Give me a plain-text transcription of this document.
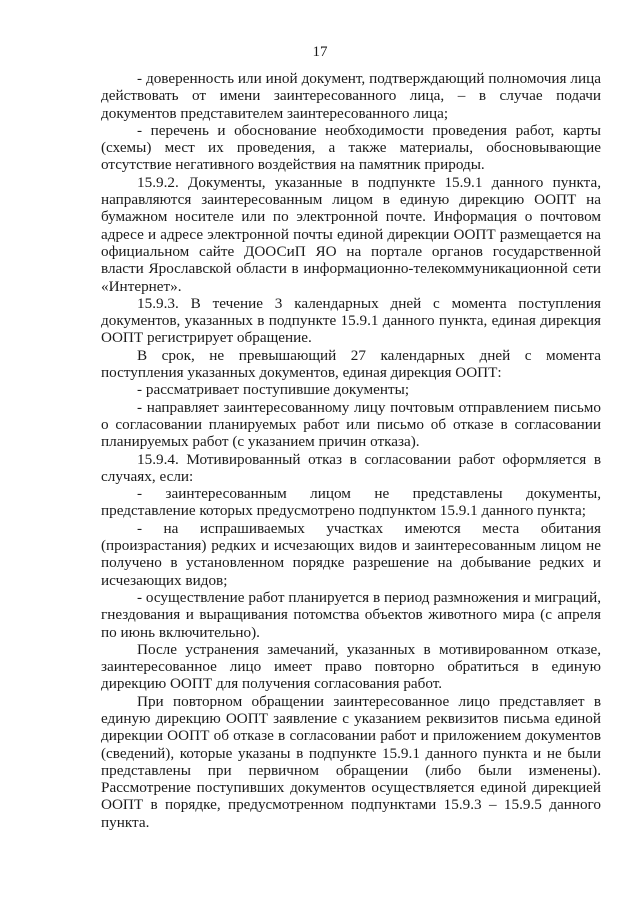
17

- доверенность или иной документ, подтверждающий полномочия лица действовать от имени заинтересованного лица, – в случае подачи документов представителем заинтересованного лица;

- перечень и обоснование необходимости проведения работ, карты (схемы) мест их проведения, а также материалы, обосновывающие отсутствие негативного воздействия на памятник природы.

15.9.2. Документы, указанные в подпункте 15.9.1 данного пункта, направляются заинтересованным лицом в единую дирекцию ООПТ на бумажном носителе или по электронной почте. Информация о почтовом адресе и адресе электронной почты единой дирекции ООПТ размещается на официальном сайте ДООСиП ЯО на портале органов государственной власти Ярославской области в информационно-телекоммуникационной сети «Интернет».

15.9.3. В течение 3 календарных дней с момента поступления документов, указанных в подпункте 15.9.1 данного пункта, единая дирекция ООПТ регистрирует обращение.

В срок, не превышающий 27 календарных дней с момента поступления указанных документов, единая дирекция ООПТ:

- рассматривает поступившие документы;

- направляет заинтересованному лицу почтовым отправлением письмо о согласовании планируемых работ или письмо об отказе в согласовании планируемых работ (с указанием причин отказа).

15.9.4. Мотивированный отказ в согласовании работ оформляется в случаях, если:

- заинтересованным лицом не представлены документы, представление которых предусмотрено подпунктом 15.9.1 данного пункта;

- на испрашиваемых участках имеются места обитания (произрастания) редких и исчезающих видов и заинтересованным лицом не получено в установленном порядке разрешение на добывание редких и исчезающих видов;

- осуществление работ планируется в период размножения и миграций, гнездования и выращивания потомства объектов животного мира (с апреля по июнь включительно).

После устранения замечаний, указанных в мотивированном отказе, заинтересованное лицо имеет право повторно обратиться в единую дирекцию ООПТ для получения согласования работ.

При повторном обращении заинтересованное лицо представляет в единую дирекцию ООПТ заявление с указанием реквизитов письма единой дирекции ООПТ об отказе в согласовании работ и приложением документов (сведений), которые указаны в подпункте 15.9.1 данного пункта и не были представлены при первичном обращении (либо были изменены). Рассмотрение поступивших документов осуществляется единой дирекцией ООПТ в порядке, предусмотренном подпунктами 15.9.3 – 15.9.5 данного пункта.
